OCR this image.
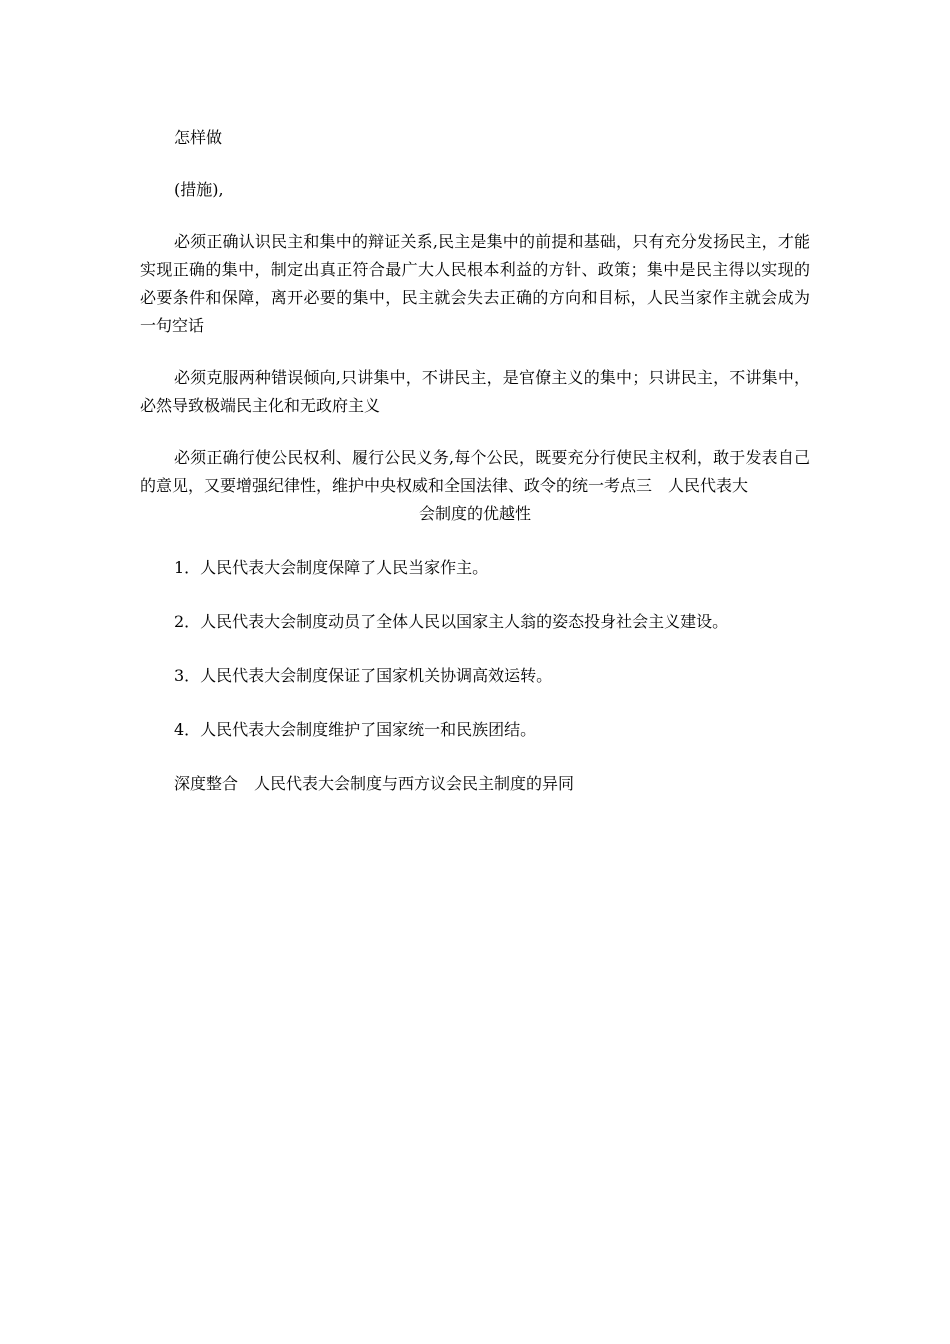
怎样做

(措施),

必须正确认识民主和集中的辩证关系,民主是集中的前提和基础，只有充分发扬民主，才能实现正确的集中，制定出真正符合最广大人民根本利益的方针、政策；集中是民主得以实现的必要条件和保障，离开必要的集中，民主就会失去正确的方向和目标，人民当家作主就会成为一句空话

必须克服两种错误倾向,只讲集中，不讲民主，是官僚主义的集中；只讲民主，不讲集中，必然导致极端民主化和无政府主义

必须正确行使公民权利、履行公民义务,每个公民，既要充分行使民主权利，敢于发表自己的意见，又要增强纪律性，维护中央权威和全国法律、政令的统一考点三　人民代表大

会制度的优越性

1．人民代表大会制度保障了人民当家作主。

2．人民代表大会制度动员了全体人民以国家主人翁的姿态投身社会主义建设。

3．人民代表大会制度保证了国家机关协调高效运转。

4．人民代表大会制度维护了国家统一和民族团结。

深度整合　人民代表大会制度与西方议会民主制度的异同
